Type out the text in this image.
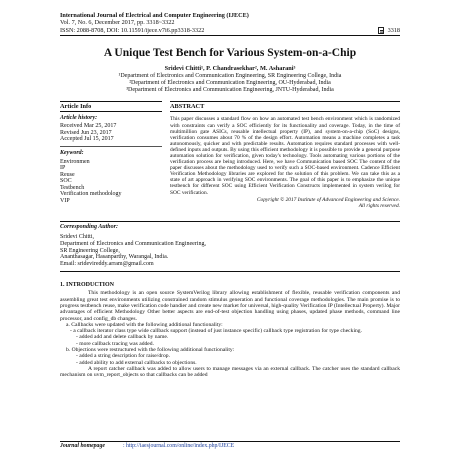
International Journal of Electrical and Computer Engineering (IJECE)
Vol. 7, No. 6, December 2017, pp. 3318~3322
ISSN: 2088-8708, DOI: 10.11591/ijece.v7i6.pp3318-3322	3318
A Unique Test Bench for Various System-on-a-Chip
Sridevi Chitti¹, P. Chandrasekhar², M. Asharani³
¹Department of Electronics and Communication Engineering, SR Engineering College, India
²Department of Electronics and Communication Engineering, OU-Hyderabad, India
³Department of Electronics and Communication Engineering, JNTU-Hyderabad, India
Article Info
Article history:
Received Mar 25, 2017
Revised Jun 23, 2017
Accepted Jul 15, 2017
Keyword:
Environmen
IP
Reuse
SOC
Testbench
Verification methodology
VIP
ABSTRACT
This paper discusses a standard flow on how an automated test bench environment which is randomized with constraints can verify a SOC efficiently for its functionality and coverage. Today, in the time of multimillion gate ASICs, reusable intellectual property (IP), and system-on-a-chip (SoC) designs, verification consumes about 70 % of the design effort. Automation means a machine completes a task autonomously, quicker and with predictable results. Automation requires standard processes with well-defined inputs and outputs. By using this efficient methodology it is possible to provide a general purpose automation solution for verification, given today's technology. Tools automating various portions of the verification process are being introduced. Here, we have Communication based SOC The content of the paper discusses about the methodology used to verify such a SOC-based environment. Cadence Efficient Verification Methodology libraries are explored for the solution of this problem. We can take this as a state of art approach in verifying SOC environments. The goal of this paper is to emphasize the unique testbench for different SOC using Efficient Verification Constructs implemented in system verilog for SOC verification.
Copyright © 2017 Institute of Advanced Engineering and Science.
All rights reserved.
Corresponding Author:
Sridevi Chitti,
Department of Electronics and Communication Engineering,
SR Engineering College,
Ananthasagar, Hasanparthy, Warangal, India.
Email: sridevireddy.arram@gmail.com
1. INTRODUCTION

This methodology is an open source SystemVerilog library allowing establishment of flexible, reusable verification components and assembling great test environments utilizing constrained random stimulus generation and functional coverage methodologies. The main promise is to progress testbench reuse, make verification code handier and create new market for universal, high-quality Verification IP (Intellectual Property). Major advantages of efficient Methodology Other better aspects are end-of-test objection handling using phases, updated phase methods, command line processor, and config_db changes.

a. Callbacks were updated with the following additional functionality:
- a callback iterator class type wide callback support (instead of just instance specific) callback type registration for type checking.
- added add and delete callback by name.
- more callback tracing was added.
b. Objections were restructured with the following additional functionality:
- added a string description for raise/drop.
- added ability to add external callbacks to objections.

A report catcher callback was added to allow users to manage messages via an external callback. The catcher uses the standard callback mechanism on uvm_report_objects so that callbacks can be added

Journal homepage	: http://iaesjournal.com/online/index.php/IJECE
